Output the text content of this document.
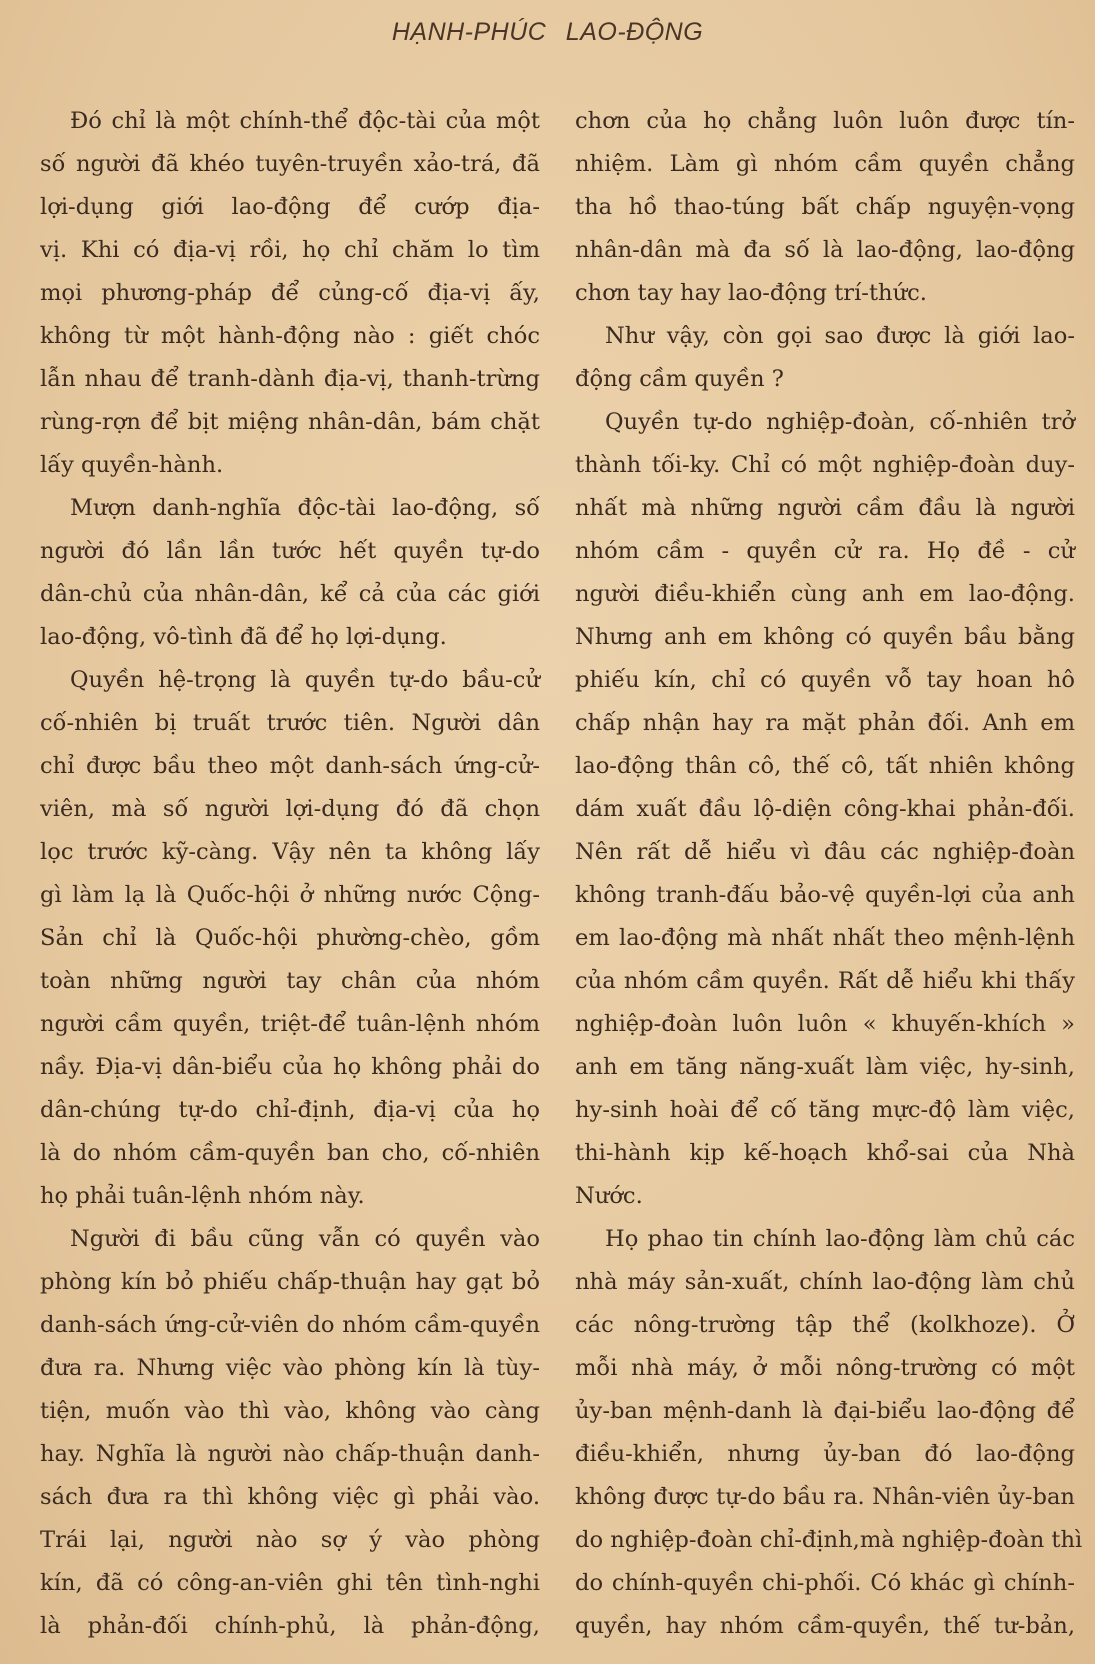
HẠNH-PHÚC LAO-ĐỘNG
Đó chỉ là một chính-thể độc-tài của một
số người đã khéo tuyên-truyền xảo-trá, đã
lợi-dụng giới lao-động để cướp địa-
vị. Khi có địa-vị rồi, họ chỉ chăm lo tìm
mọi phương-pháp để củng-cố địa-vị ấy,
không từ một hành-động nào : giết chóc
lẫn nhau để tranh-dành địa-vị, thanh-trừng
rùng-rợn để bịt miệng nhân-dân, bám chặt
lấy quyền-hành.
Mượn danh-nghĩa độc-tài lao-động, số
người đó lần lần tước hết quyền tự-do
dân-chủ của nhân-dân, kể cả của các giới
lao-động, vô-tình đã để họ lợi-dụng.
Quyền hệ-trọng là quyền tự-do bầu-cử
cố-nhiên bị truất trước tiên. Người dân
chỉ được bầu theo một danh-sách ứng-cử-
viên, mà số người lợi-dụng đó đã chọn
lọc trước kỹ-càng. Vậy nên ta không lấy
gì làm lạ là Quốc-hội ở những nước Cộng-
Sản chỉ là Quốc-hội phường-chèo, gồm
toàn những người tay chân của nhóm
người cầm quyền, triệt-để tuân-lệnh nhóm
nầy. Địa-vị dân-biểu của họ không phải do
dân-chúng tự-do chỉ-định, địa-vị của họ
là do nhóm cầm-quyền ban cho, cố-nhiên
họ phải tuân-lệnh nhóm này.
Người đi bầu cũng vẫn có quyền vào
phòng kín bỏ phiếu chấp-thuận hay gạt bỏ
danh-sách ứng-cử-viên do nhóm cầm-quyền
đưa ra. Nhưng việc vào phòng kín là tùy-
tiện, muốn vào thì vào, không vào càng
hay. Nghĩa là người nào chấp-thuận danh-
sách đưa ra thì không việc gì phải vào.
Trái lại, người nào sợ ý vào phòng
kín, đã có công-an-viên ghi tên tình-nghi
là phản-đối chính-phủ, là phản-động,
chơn của họ chẳng luôn luôn được tín-
nhiệm. Làm gì nhóm cầm quyền chẳng
tha hồ thao-túng bất chấp nguyện-vọng
nhân-dân mà đa số là lao-động, lao-động
chơn tay hay lao-động trí-thức.
Như vậy, còn gọi sao được là giới lao-
động cầm quyền ?
Quyền tự-do nghiệp-đoàn, cố-nhiên trở
thành tối-ky. Chỉ có một nghiệp-đoàn duy-
nhất mà những người cầm đầu là người
nhóm cầm - quyền cử ra. Họ đề - cử
người điều-khiển cùng anh em lao-động.
Nhưng anh em không có quyền bầu bằng
phiếu kín, chỉ có quyền vỗ tay hoan hô
chấp nhận hay ra mặt phản đối. Anh em
lao-động thân cô, thế cô, tất nhiên không
dám xuất đầu lộ-diện công-khai phản-đối.
Nên rất dễ hiểu vì đâu các nghiệp-đoàn
không tranh-đấu bảo-vệ quyền-lợi của anh
em lao-động mà nhất nhất theo mệnh-lệnh
của nhóm cầm quyền. Rất dễ hiểu khi thấy
nghiệp-đoàn luôn luôn « khuyến-khích »
anh em tăng năng-xuất làm việc, hy-sinh,
hy-sinh hoài để cố tăng mực-độ làm việc,
thi-hành kịp kế-hoạch khổ-sai của Nhà
Nước.
Họ phao tin chính lao-động làm chủ các
nhà máy sản-xuất, chính lao-động làm chủ
các nông-trường tập thể (kolkhoze). Ở
mỗi nhà máy, ở mỗi nông-trường có một
ủy-ban mệnh-danh là đại-biểu lao-động để
điều-khiển, nhưng ủy-ban đó lao-động
không được tự-do bầu ra. Nhân-viên ủy-ban
do nghiệp-đoàn chỉ-định,mà nghiệp-đoàn thì
do chính-quyền chi-phối. Có khác gì chính-
quyền, hay nhóm cầm-quyền, thế tư-bản,
